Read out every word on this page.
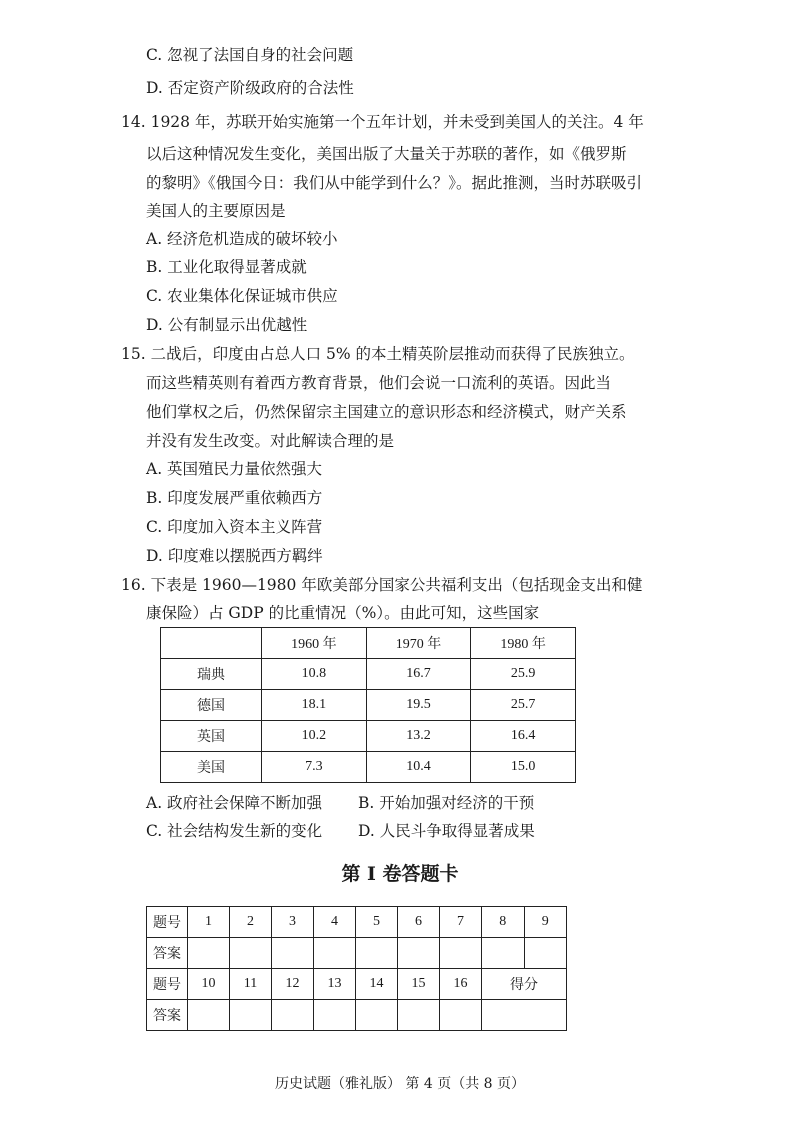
C. 忽视了法国自身的社会问题
D. 否定资产阶级政府的合法性
14. 1928 年，苏联开始实施第一个五年计划，并未受到美国人的关注。4 年
以后这种情况发生变化，美国出版了大量关于苏联的著作，如《俄罗斯
的黎明》《俄国今日：我们从中能学到什么？》。据此推测，当时苏联吸引
美国人的主要原因是
A. 经济危机造成的破坏较小
B. 工业化取得显著成就
C. 农业集体化保证城市供应
D. 公有制显示出优越性
15. 二战后，印度由占总人口 5% 的本土精英阶层推动而获得了民族独立。
而这些精英则有着西方教育背景，他们会说一口流利的英语。因此当
他们掌权之后，仍然保留宗主国建立的意识形态和经济模式，财产关系
并没有发生改变。对此解读合理的是
A. 英国殖民力量依然强大
B. 印度发展严重依赖西方
C. 印度加入资本主义阵营
D. 印度难以摆脱西方羁绊
16. 下表是 1960—1980 年欧美部分国家公共福利支出（包括现金支出和健
康保险）占 GDP 的比重情况（%）。由此可知，这些国家
	1960 年	1970 年	1980 年
瑞典	10.8	16.7	25.9
德国	18.1	19.5	25.7
英国	10.2	13.2	16.4
美国	7.3	10.4	15.0
A. 政府社会保障不断加强 B. 开始加强对经济的干预
C. 社会结构发生新的变化 D. 人民斗争取得显著成果
第 Ⅰ 卷答题卡
题号	1	2	3	4	5	6	7	8	9
答案									
题号	10	11	12	13	14	15	16	得分	
答案									
历史试题（雅礼版） 第 4 页（共 8 页）
